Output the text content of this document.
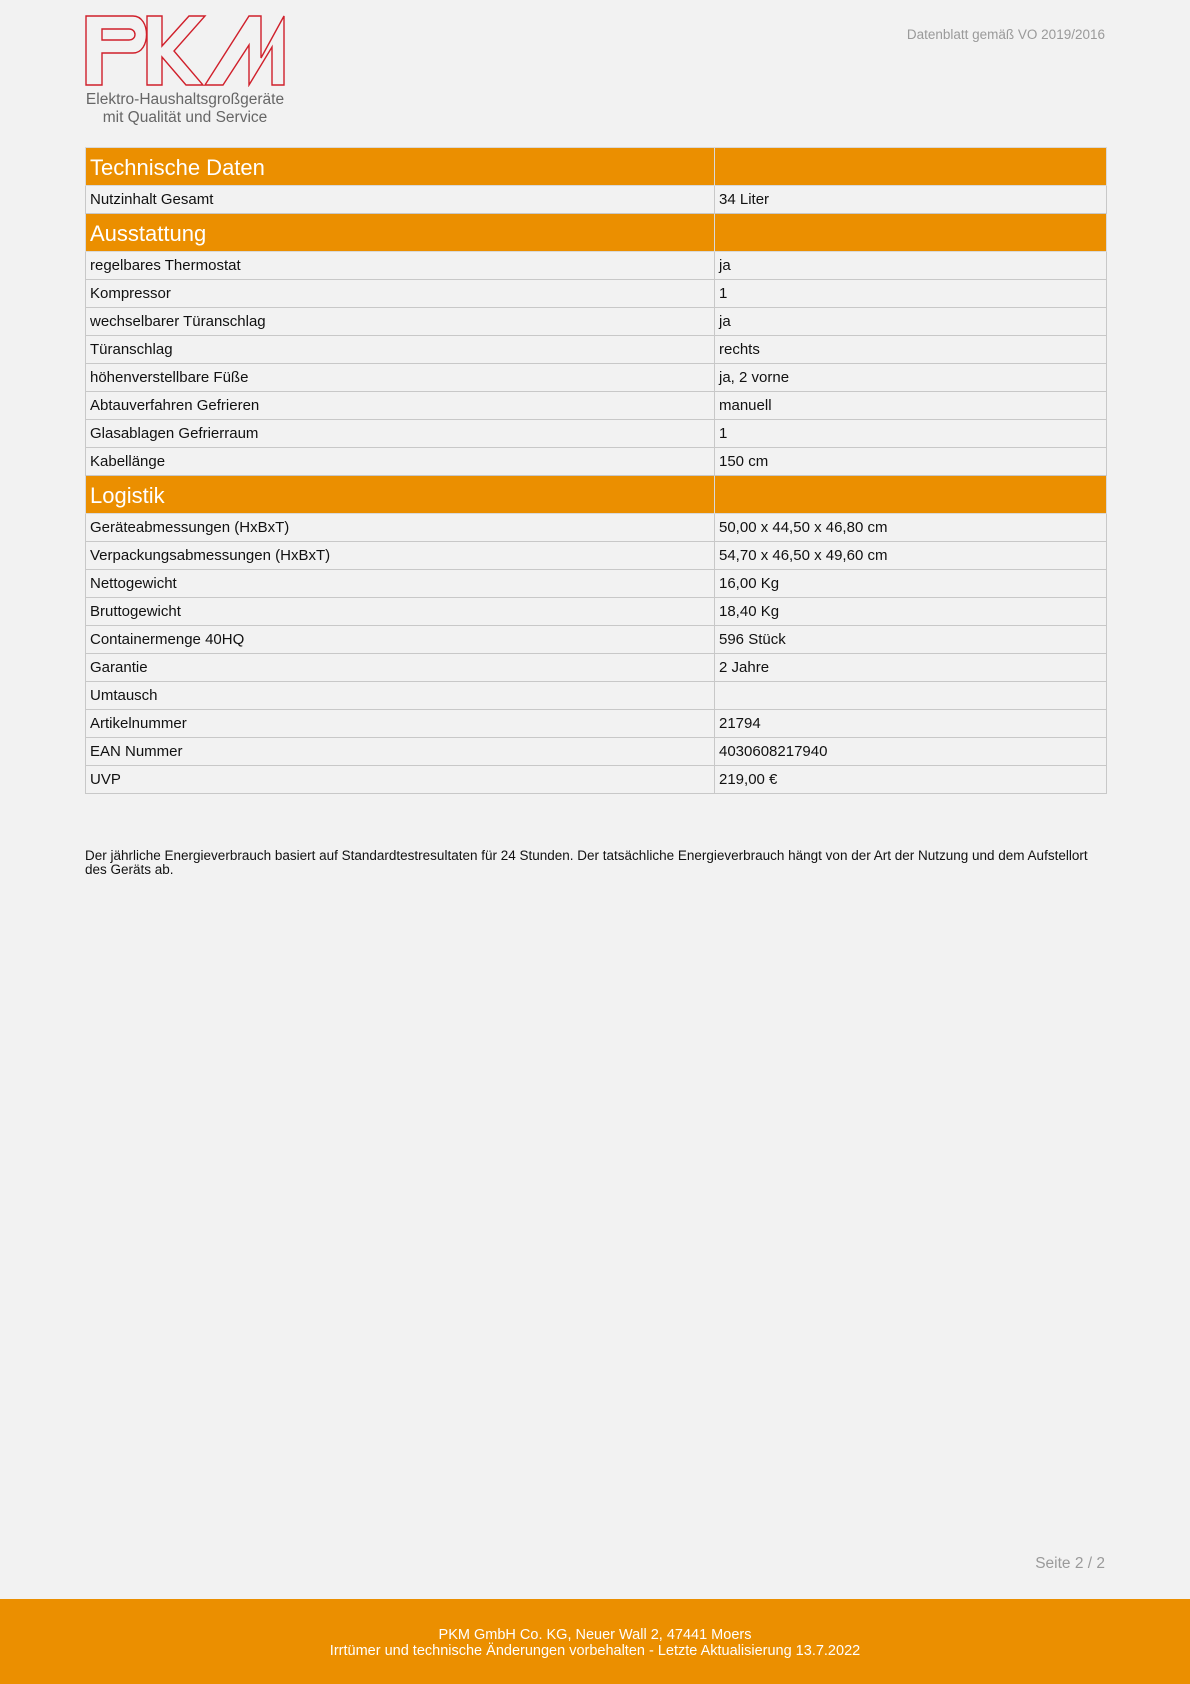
Elektro-Haushaltsgroßgeräte
mit Qualität und Service
Datenblatt gemäß VO 2019/2016
Technische Daten	
Nutzinhalt Gesamt	34 Liter
Ausstattung	
regelbares Thermostat	ja
Kompressor	1
wechselbarer Türanschlag	ja
Türanschlag	rechts
höhenverstellbare Füße	ja, 2 vorne
Abtauverfahren Gefrieren	manuell
Glasablagen Gefrierraum	1
Kabellänge	150 cm
Logistik	
Geräteabmessungen (HxBxT)	50,00 x 44,50 x 46,80 cm
Verpackungsabmessungen (HxBxT)	54,70 x 46,50 x 49,60 cm
Nettogewicht	16,00 Kg
Bruttogewicht	18,40 Kg
Containermenge 40HQ	596 Stück
Garantie	2 Jahre
Umtausch	
Artikelnummer	21794
EAN Nummer	4030608217940
UVP	219,00 €
Der jährliche Energieverbrauch basiert auf Standardtestresultaten für 24 Stunden. Der tatsächliche Energieverbrauch hängt von der Art der Nutzung und dem Aufstellort des Geräts ab.
Seite 2 / 2
PKM GmbH Co. KG, Neuer Wall 2, 47441 Moers
Irrtümer und technische Änderungen vorbehalten - Letzte Aktualisierung 13.7.2022
